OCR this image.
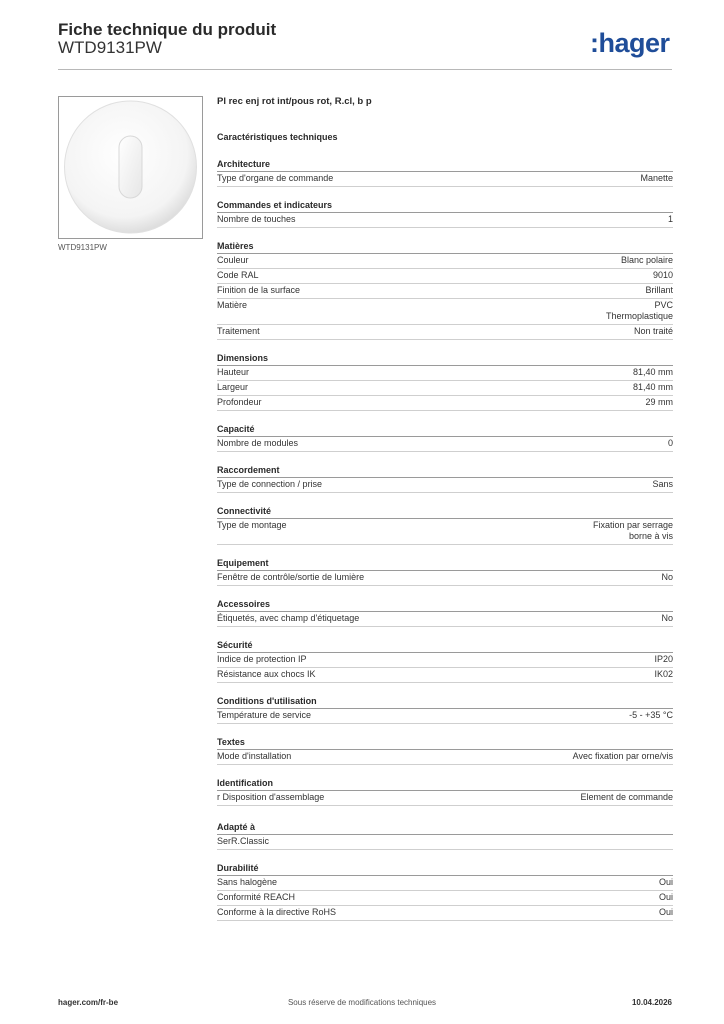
Fiche technique du produit
WTD9131PW	:hager
WTD9131PW
Pl rec enj rot int/pous rot, R.cl, b p
Caractéristiques techniques
Architecture
Type d'organe de commande	Manette
Commandes et indicateurs
Nombre de touches	1
Matières
Couleur	Blanc polaire
Code RAL	9010
Finition de la surface	Brillant
Matière	PVC
Thermoplastique
Traitement	Non traité
Dimensions
Hauteur	81,40 mm
Largeur	81,40 mm
Profondeur	29 mm
Capacité
Nombre de modules	0
Raccordement
Type de connection / prise	Sans
Connectivité
Type de montage	Fixation par serrage
borne à vis
Equipement
Fenêtre de contrôle/sortie de lumière	No
Accessoires
Étiquetés, avec champ d'étiquetage	No
Sécurité
Indice de protection IP	IP20
Résistance aux chocs IK	IK02
Conditions d'utilisation
Température de service	-5 - +35 °C
Textes
Mode d'installation	Avec fixation par orne/vis
Identification
r Disposition d'assemblage	Element de commande
Adapté à
SerR.Classic
Durabilité
Sans halogène	Oui
Conformité REACH	Oui
Conforme à la directive RoHS	Oui
hager.com/fr-be	Sous réserve de modifications techniques	10.04.2026
